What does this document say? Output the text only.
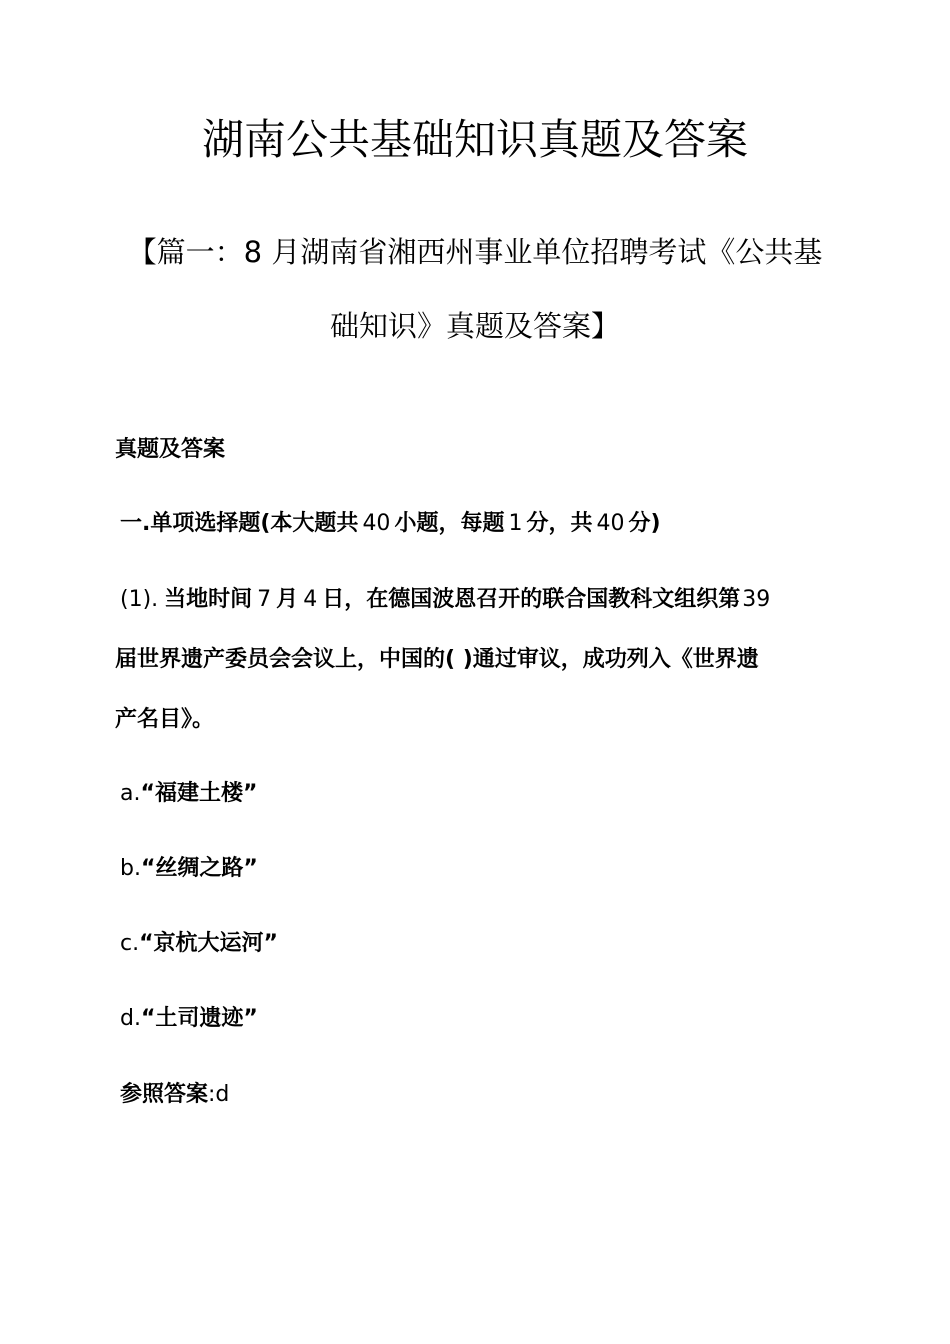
湖南公共基础知识真题及答案
【篇一：8 月湖南省湘西州事业单位招聘考试《公共基
础知识》真题及答案】
真题及答案
一.单项选择题(本大题共 40 小题，每题 1 分，共 40 分)
(1). 当地时间 7 月 4 日，在德国波恩召开的联合国教科文组织第39
届世界遗产委员会会议上，中国的( )通过审议，成功列入《世界遗
产名目》。
a.“福建土楼”
b.“丝绸之路”
c.“京杭大运河”
d.“土司遗迹”
参照答案:d
